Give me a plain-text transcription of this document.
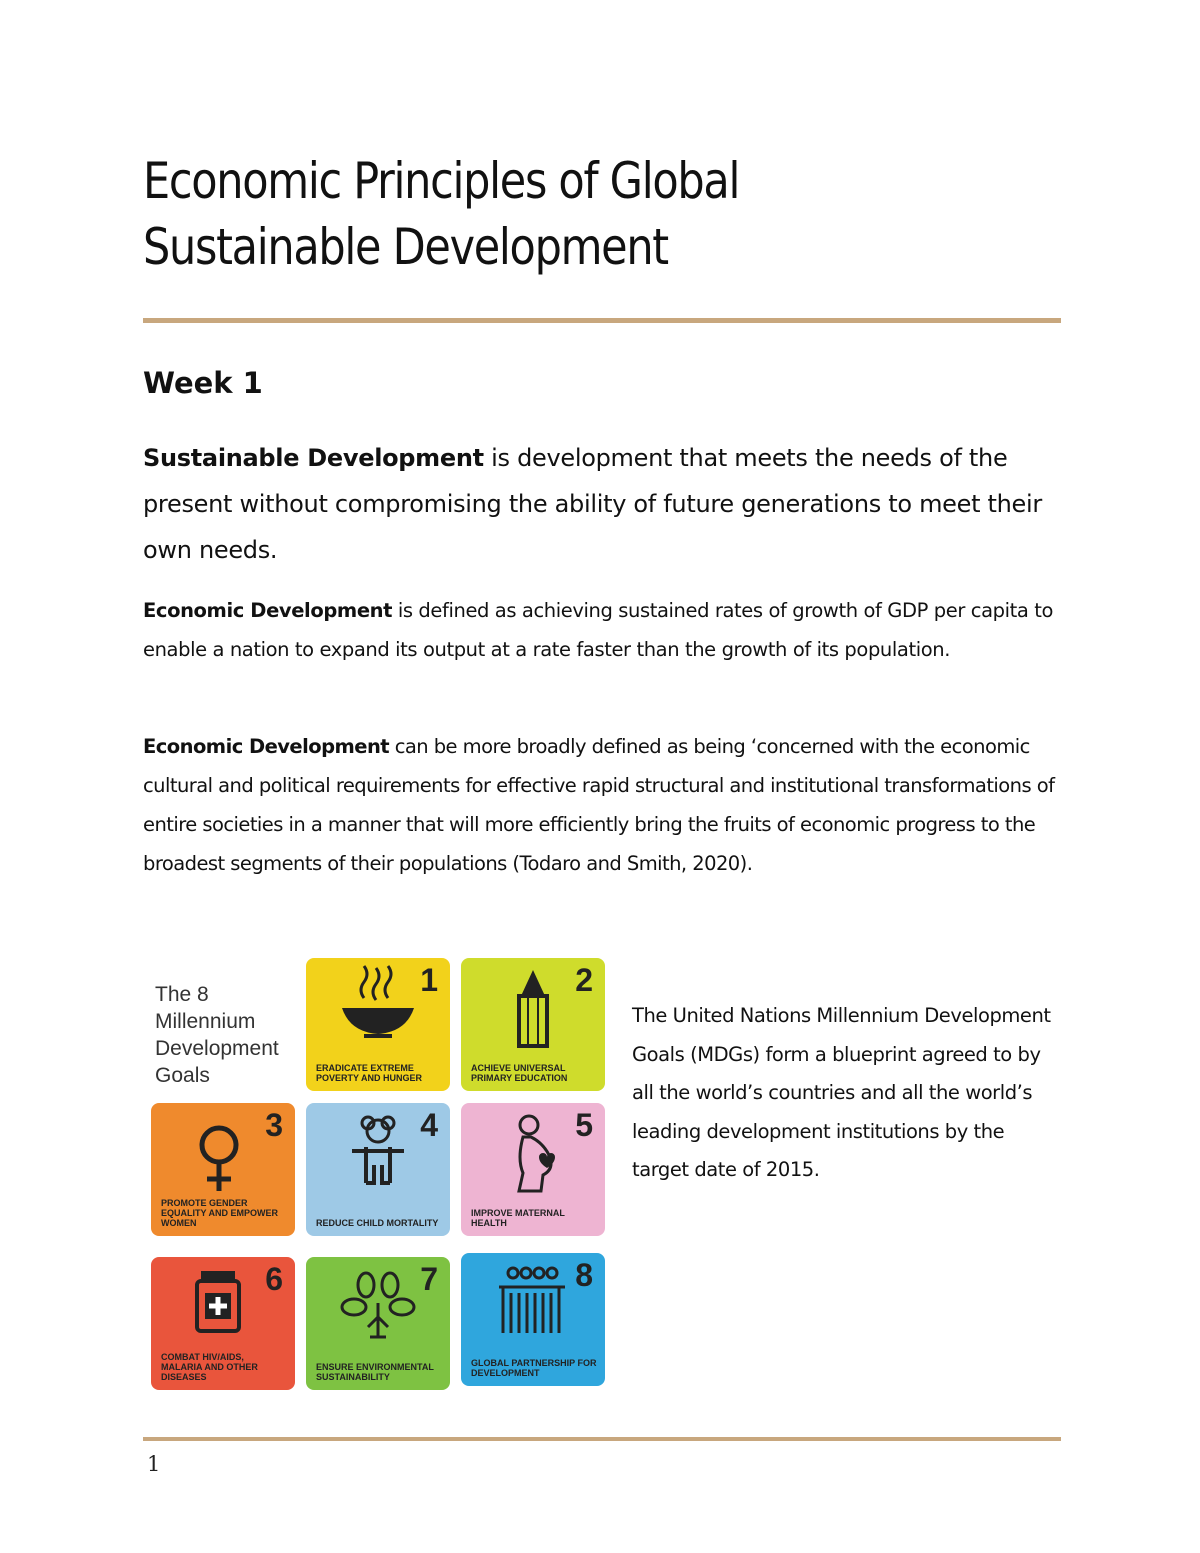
Economic Principles of Global Sustainable Development
Week 1

Sustainable Development is development that meets the needs of the present without compromising the ability of future generations to meet their own needs.

Economic Development is defined as achieving sustained rates of growth of GDP per capita to enable a nation to expand its output at a rate faster than the growth of its population.

Economic Development can be more broadly defined as being ‘concerned with the economic cultural and political requirements for effective rapid structural and institutional transformations of entire societies in a manner that will more efficiently bring the fruits of economic progress to the broadest segments of their populations (Todaro and Smith, 2020).

The 8 Millennium Development Goals

1
ERADICATE EXTREME POVERTY AND HUNGER
2
ACHIEVE UNIVERSAL PRIMARY EDUCATION
3
PROMOTE GENDER EQUALITY AND EMPOWER WOMEN
4
REDUCE CHILD MORTALITY
5
IMPROVE MATERNAL HEALTH
6
COMBAT HIV/AIDS, MALARIA AND OTHER DISEASES
7
ENSURE ENVIRONMENTAL SUSTAINABILITY
8
GLOBAL PARTNERSHIP FOR DEVELOPMENT

The United Nations Millennium Development Goals (MDGs) form a blueprint agreed to by all the world’s countries and all the world’s leading development institutions by the target date of 2015.

1
